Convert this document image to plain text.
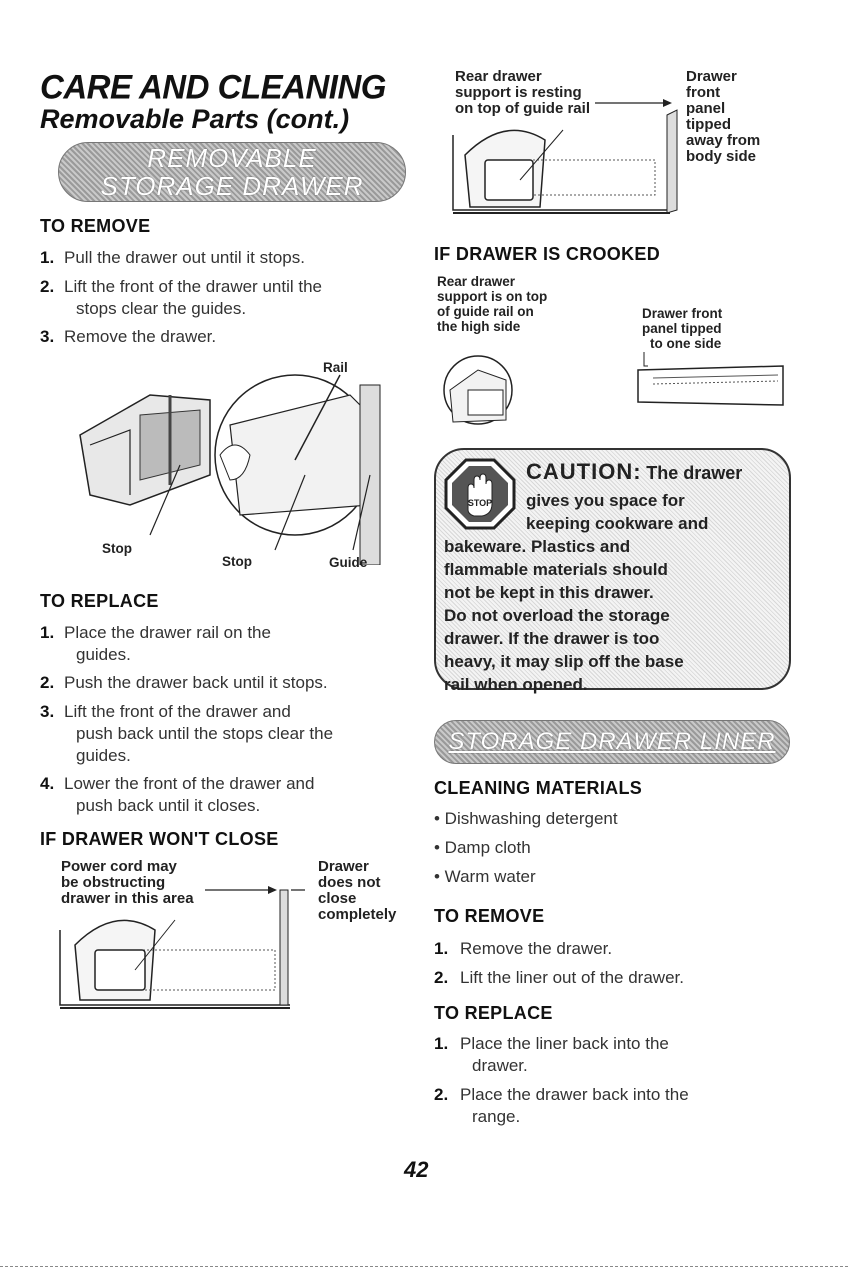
CARE AND CLEANING
Removable Parts (cont.)
REMOVABLE
STORAGE DRAWER
TO REMOVE
1. Pull the drawer out until it stops.
2. Lift the front of the drawer until the
stops clear the guides.
3. Remove the drawer.
Rail
Stop
Stop	Guide
TO REPLACE
1. Place the drawer rail on the
guides.
2. Push the drawer back until it stops.
3. Lift the front of the drawer and
push back until the stops clear the
guides.
4. Lower the front of the drawer and
push back until it closes.
IF DRAWER WON'T CLOSE
Power cord may
be obstructing
drawer in this area
Drawer
does not
close
completely
Rear drawer
support is resting
on top of guide rail
Drawer
front
panel
tipped
away from
body side
IF DRAWER IS CROOKED
Rear drawer
support is on top
of guide rail on
the high side
Drawer front
panel tipped
to one side
STOP
CAUTION: The drawer
gives you space for
keeping cookware and
bakeware. Plastics and
flammable materials should
not be kept in this drawer.
Do not overload the storage
drawer. If the drawer is too
heavy, it may slip off the base
rail when opened.
STORAGE DRAWER LINER
CLEANING MATERIALS
• Dishwashing detergent
• Damp cloth
• Warm water
TO REMOVE
1. Remove the drawer.
2. Lift the liner out of the drawer.
TO REPLACE
1. Place the liner back into the
drawer.
2. Place the drawer back into the
range.
42
